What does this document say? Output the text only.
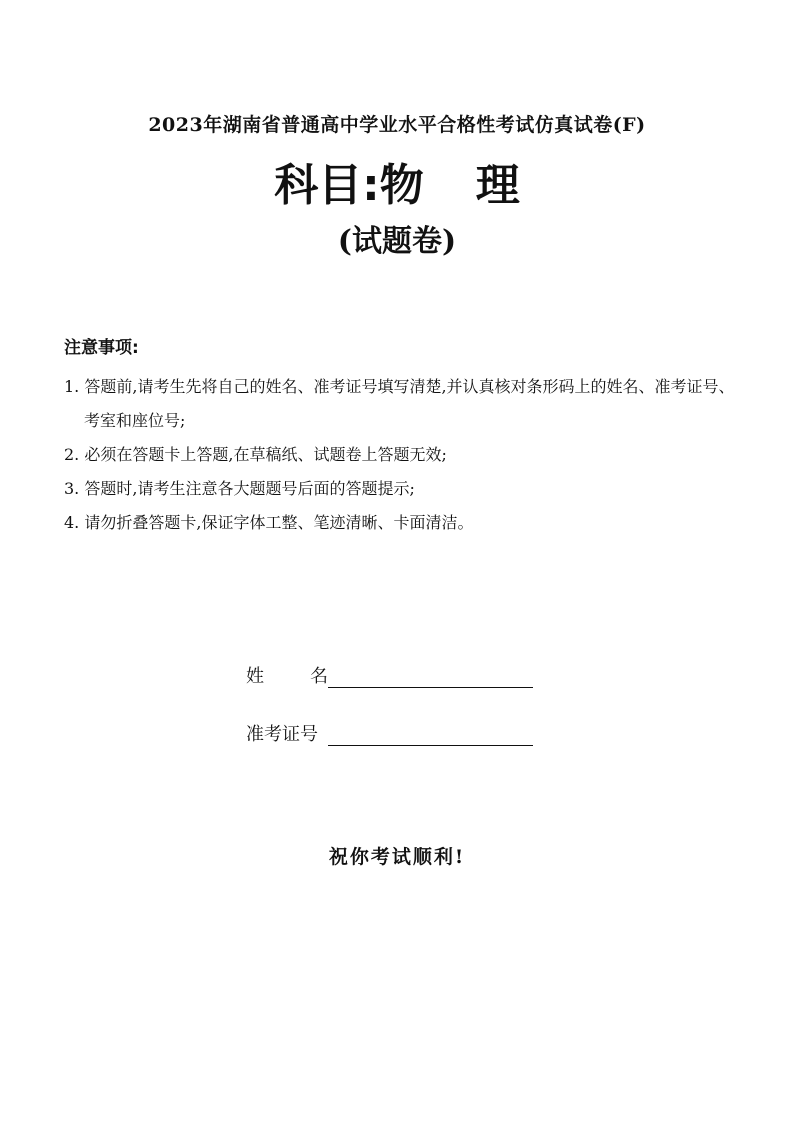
2023年湖南省普通高中学业水平合格性考试仿真试卷(F)
科目:物 理
(试题卷)
注意事项:
1. 答题前,请考生先将自己的姓名、准考证号填写清楚,并认真核对条形码上的姓名、准考证号、考室和座位号;
2. 必须在答题卡上答题,在草稿纸、试题卷上答题无效;
3. 答题时,请考生注意各大题题号后面的答题提示;
4. 请勿折叠答题卡,保证字体工整、笔迹清晰、卡面清洁。
姓	名
准考证号
祝你考试顺利!
